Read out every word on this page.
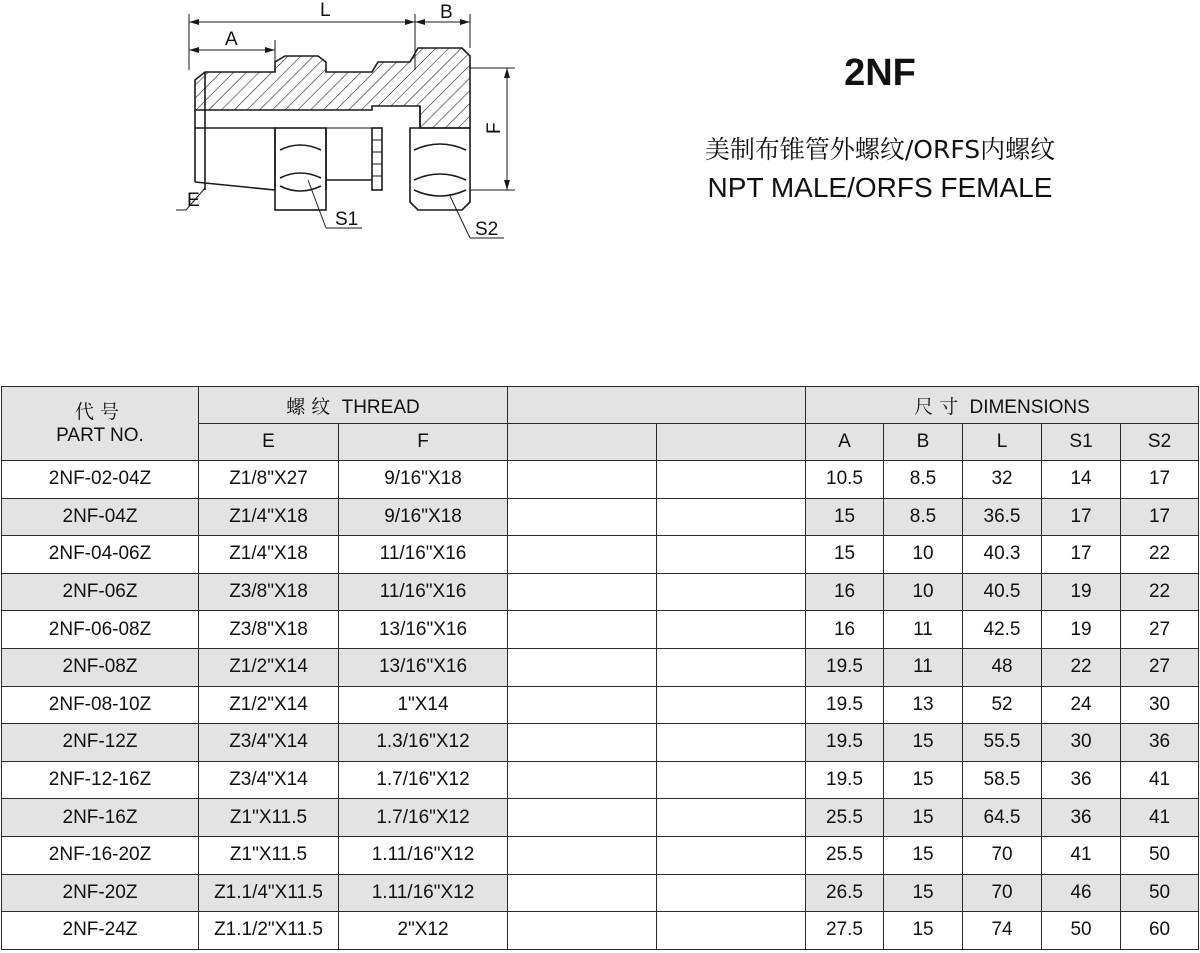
L	B
A
F
E
S1	S2
2NF

美制布锥管外螺纹/ORFS内螺纹

NPT MALE/ORFS FEMALE

代号
PART NO.	螺纹 THREAD				尺寸 DIMENSIONS				
	E	F			A	B	L	S1	S2
2NF-02-04Z	Z1/8"X27	9/16"X18			10.5	8.5	32	14	17
2NF-04Z	Z1/4"X18	9/16"X18			15	8.5	36.5	17	17
2NF-04-06Z	Z1/4"X18	11/16"X16			15	10	40.3	17	22
2NF-06Z	Z3/8"X18	11/16"X16			16	10	40.5	19	22
2NF-06-08Z	Z3/8"X18	13/16"X16			16	11	42.5	19	27
2NF-08Z	Z1/2"X14	13/16"X16			19.5	11	48	22	27
2NF-08-10Z	Z1/2"X14	1"X14			19.5	13	52	24	30
2NF-12Z	Z3/4"X14	1.3/16"X12			19.5	15	55.5	30	36
2NF-12-16Z	Z3/4"X14	1.7/16"X12			19.5	15	58.5	36	41
2NF-16Z	Z1"X11.5	1.7/16"X12			25.5	15	64.5	36	41
2NF-16-20Z	Z1"X11.5	1.11/16"X12			25.5	15	70	41	50
2NF-20Z	Z1.1/4"X11.5	1.11/16"X12			26.5	15	70	46	50
2NF-24Z	Z1.1/2"X11.5	2"X12			27.5	15	74	50	60
